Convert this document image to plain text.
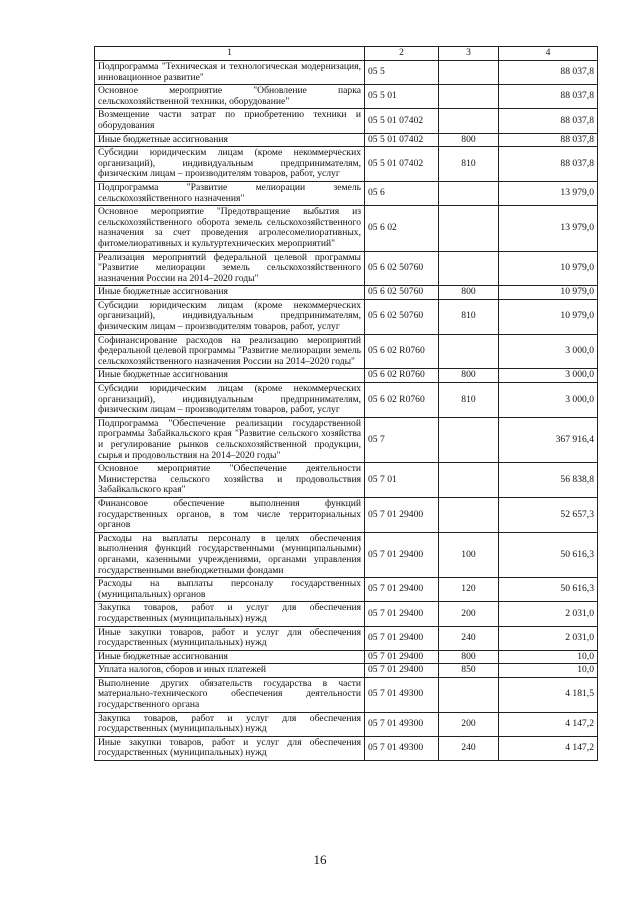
1	2	3	4
Подпрограмма "Техническая и технологическая модернизация, инновационное развитие"	05 5		88 037,8
Основное мероприятие "Обновление парка сельскохозяйственной техники, оборудование"	05 5 01		88 037,8
Возмещение части затрат по приобретению техники и оборудования	05 5 01 07402		88 037,8
Иные бюджетные ассигнования	05 5 01 07402	800	88 037,8
Субсидии юридическим лицам (кроме некоммерческих организаций), индивидуальным предпринимателям, физическим лицам – производителям товаров, работ, услуг	05 5 01 07402	810	88 037,8
Подпрограмма "Развитие мелиорации земель сельскохозяйственного назначения"	05 6		13 979,0
Основное мероприятие "Предотвращение выбытия из сельскохозяйственного оборота земель сельскохозяйственного назначения за счет проведения агролесомелиоративных, фитомелиоративных и культуртехнических мероприятий"	05 6 02		13 979,0
Реализация мероприятий федеральной целевой программы "Развитие мелиорации земель сельскохозяйственного назначения России на 2014–2020 годы"	05 6 02 50760		10 979,0
Иные бюджетные ассигнования	05 6 02 50760	800	10 979,0
Субсидии юридическим лицам (кроме некоммерческих организаций), индивидуальным предпринимателям, физическим лицам – производителям товаров, работ, услуг	05 6 02 50760	810	10 979,0
Софинансирование расходов на реализацию мероприятий федеральной целевой программы "Развитие мелиорации земель сельскохозяйственного назначения России на 2014–2020 годы"	05 6 02 R0760		3 000,0
Иные бюджетные ассигнования	05 6 02 R0760	800	3 000,0
Субсидии юридическим лицам (кроме некоммерческих организаций), индивидуальным предпринимателям, физическим лицам – производителям товаров, работ, услуг	05 6 02 R0760	810	3 000,0
Подпрограмма "Обеспечение реализации государственной программы Забайкальского края "Развитие сельского хозяйства и регулирование рынков сельскохозяйственной продукции, сырья и продовольствия на 2014–2020 годы"	05 7		367 916,4
Основное мероприятие "Обеспечение деятельности Министерства сельского хозяйства и продовольствия Забайкальского края"	05 7 01		56 838,8
Финансовое обеспечение выполнения функций государственных органов, в том числе территориальных органов	05 7 01 29400		52 657,3
Расходы на выплаты персоналу в целях обеспечения выполнения функций государственными (муниципальными) органами, казенными учреждениями, органами управления государственными внебюджетными фондами	05 7 01 29400	100	50 616,3
Расходы на выплаты персоналу государственных (муниципальных) органов	05 7 01 29400	120	50 616,3
Закупка товаров, работ и услуг для обеспечения государственных (муниципальных) нужд	05 7 01 29400	200	2 031,0
Иные закупки товаров, работ и услуг для обеспечения государственных (муниципальных) нужд	05 7 01 29400	240	2 031,0
Иные бюджетные ассигнования	05 7 01 29400	800	10,0
Уплата налогов, сборов и иных платежей	05 7 01 29400	850	10,0
Выполнение других обязательств государства в части материально-технического обеспечения деятельности государственного органа	05 7 01 49300		4 181,5
Закупка товаров, работ и услуг для обеспечения государственных (муниципальных) нужд	05 7 01 49300	200	4 147,2
Иные закупки товаров, работ и услуг для обеспечения государственных (муниципальных) нужд	05 7 01 49300	240	4 147,2
16
